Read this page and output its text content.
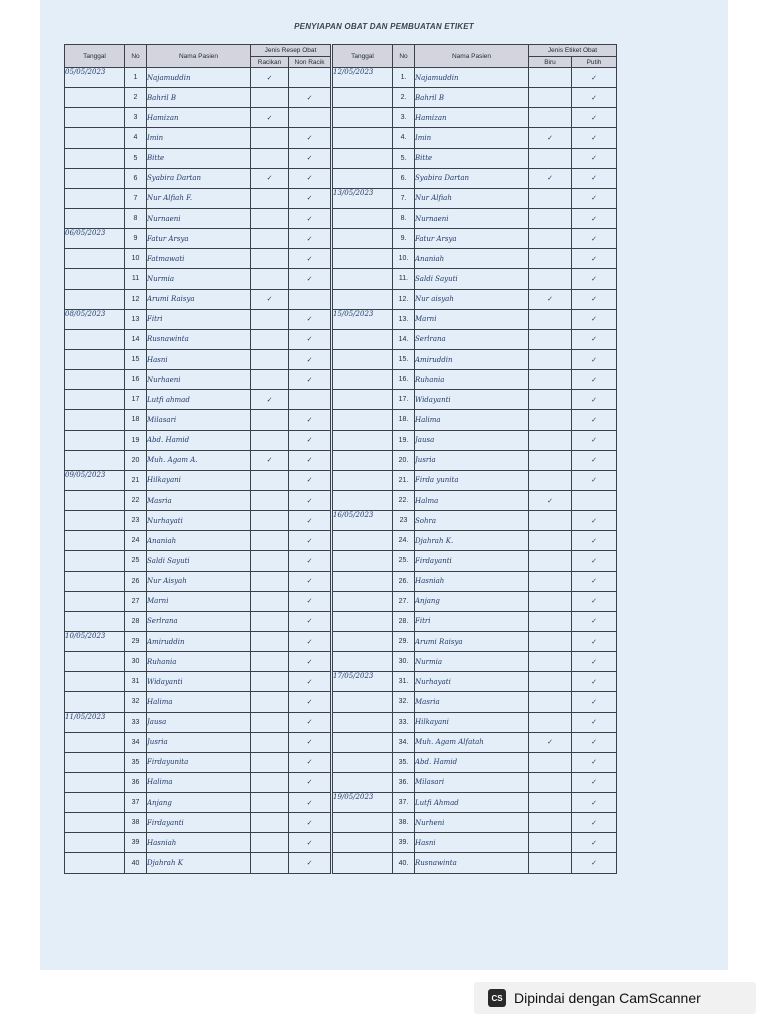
PENYIAPAN OBAT DAN PEMBUATAN ETIKET
Tanggal	No	Nama Pasien	Jenis Resep Obat	
			Racikan	Non Racik
05/05/2023	1	Najamuddin	✓	
	2	Bahril B		✓
	3	Hamizan	✓	
	4	Imin		✓
	5	Bitte		✓
	6	Syabira Dartan	✓	✓
	7	Nur Alfiah F.		✓
	8	Nurnaeni		✓
06/05/2023	9	Fatur Arsya		✓
	10	Fatmawati		✓
	11	Nurmia		✓
	12	Arumi Raisya	✓	
08/05/2023	13	Fitri		✓
	14	Rusnawinta		✓
	15	Hasni		✓
	16	Nurhaeni		✓
	17	Lutfi ahmad	✓	
	18	Milasari		✓
	19	Abd. Hamid		✓
	20	Muh. Agam A.	✓	✓
09/05/2023	21	Hilkayani		✓
	22	Masria		✓
	23	Nurhayati		✓
	24	Ananiah		✓
	25	Saldi Sayuti		✓
	26	Nur Aisyah		✓
	27	Marni		✓
	28	Serlrana		✓
10/05/2023	29	Amiruddin		✓
	30	Ruhania		✓
	31	Widayanti		✓
	32	Halima		✓
11/05/2023	33	Jausa		✓
	34	Jusria		✓
	35	Firdayunita		✓
	36	Halima		✓
	37	Anjang		✓
	38	Firdayanti		✓
	39	Hasniah		✓
	40	Djahrah K		✓
Tanggal	No	Nama Pasien	Jenis Etiket Obat	
			Biru	Putih
12/05/2023	1.	Najamuddin		✓
	2.	Bahril B		✓
	3.	Hamizan		✓
	4.	Imin	✓	✓
	5.	Bitte		✓
	6.	Syabira Dartan	✓	✓
13/05/2023	7.	Nur Alfiah		✓
	8.	Nurnaeni		✓
	9.	Fatur Arsya		✓
	10.	Ananiah		✓
	11.	Saldi Sayuti		✓
	12.	Nur aisyah	✓	✓
15/05/2023	13.	Marni		✓
	14.	Serlrana		✓
	15.	Amiruddin		✓
	16.	Ruhania		✓
	17.	Widayanti		✓
	18.	Halima		✓
	19.	Jausa		✓
	20.	Jusria		✓
	21.	Firda yunita		✓
	22.	Halma	✓	
16/05/2023	23	Sohra		✓
	24.	Djahrah K.		✓
	25.	Firdayanti		✓
	26.	Hasniah		✓
	27.	Anjang		✓
	28.	Fitri		✓
	29.	Arumi Raisya		✓
	30.	Nurmia		✓
17/05/2023	31.	Nurhayati		✓
	32.	Masria		✓
	33.	Hilkayani		✓
	34.	Muh. Agam Alfatah	✓	✓
	35.	Abd. Hamid		✓
	36.	Milasari		✓
19/05/2023	37.	Lutfi Ahmad		✓
	38.	Nurheni		✓
	39.	Hasni		✓
	40.	Rusnawinta		✓
CS Dipindai dengan CamScanner
